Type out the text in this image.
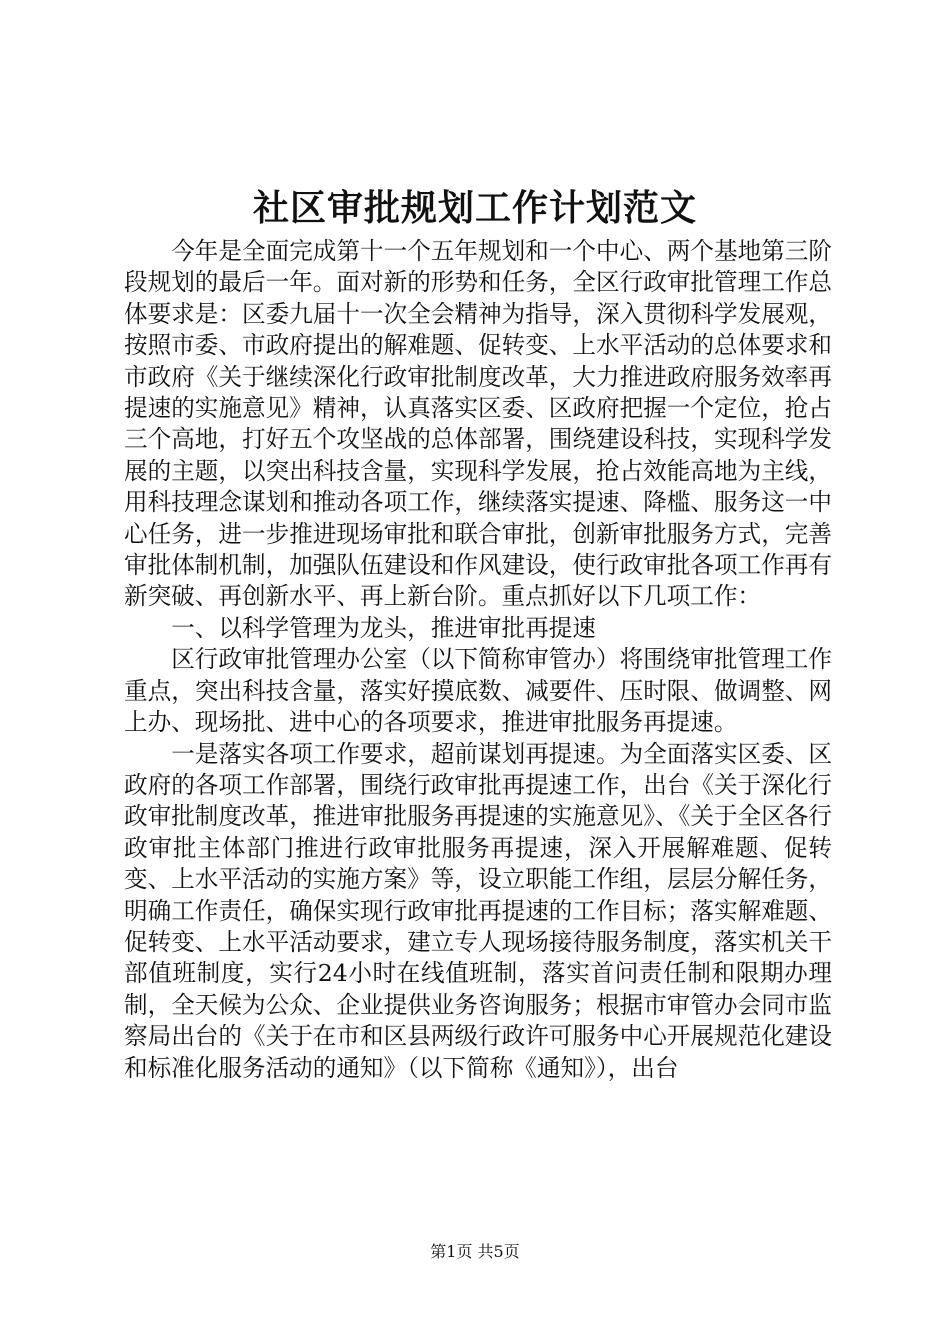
社区审批规划工作计划范文

今年是全面完成第十一个五年规划和一个中心、两个基地第三阶段规划的最后一年。面对新的形势和任务，全区行政审批管理工作总体要求是：区委九届十一次全会精神为指导，深入贯彻科学发展观，按照市委、市政府提出的解难题、促转变、上水平活动的总体要求和市政府《关于继续深化行政审批制度改革，大力推进政府服务效率再提速的实施意见》精神，认真落实区委、区政府把握一个定位，抢占三个高地，打好五个攻坚战的总体部署，围绕建设科技，实现科学发展的主题，以突出科技含量，实现科学发展，抢占效能高地为主线，用科技理念谋划和推动各项工作，继续落实提速、降槛、服务这一中心任务，进一步推进现场审批和联合审批，创新审批服务方式，完善审批体制机制，加强队伍建设和作风建设，使行政审批各项工作再有新突破、再创新水平、再上新台阶。重点抓好以下几项工作：

一、以科学管理为龙头，推进审批再提速

区行政审批管理办公室（以下简称审管办）将围绕审批管理工作重点，突出科技含量，落实好摸底数、减要件、压时限、做调整、网上办、现场批、进中心的各项要求，推进审批服务再提速。

一是落实各项工作要求，超前谋划再提速。为全面落实区委、区政府的各项工作部署，围绕行政审批再提速工作，出台《关于深化行政审批制度改革，推进审批服务再提速的实施意见》、《关于全区各行政审批主体部门推进行政审批服务再提速，深入开展解难题、促转变、上水平活动的实施方案》等，设立职能工作组，层层分解任务，明确工作责任，确保实现行政审批再提速的工作目标；落实解难题、促转变、上水平活动要求，建立专人现场接待服务制度，落实机关干部值班制度，实行24小时在线值班制，落实首问责任制和限期办理制，全天候为公众、企业提供业务咨询服务；根据市审管办会同市监察局出台的《关于在市和区县两级行政许可服务中心开展规范化建设和标准化服务活动的通知》（以下简称《通知》），出台

第1页 共5页
